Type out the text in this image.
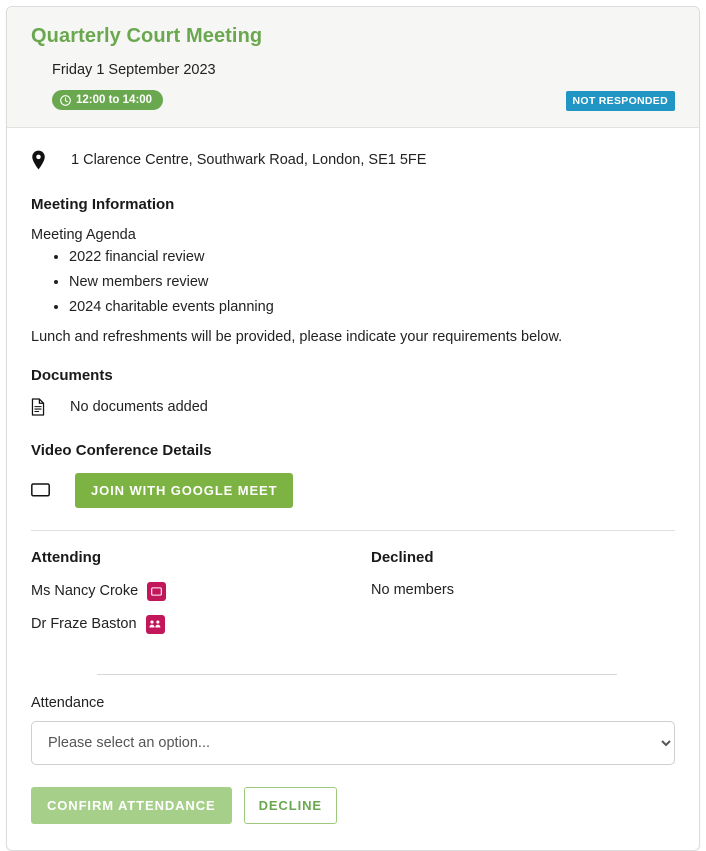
Quarterly Court Meeting
Friday 1 September 2023
12:00 to 14:00	NOT RESPONDED
1 Clarence Centre, Southwark Road, London, SE1 5FE
Meeting Information

Meeting Agenda

• 2022 financial review
• New members review
• 2024 charitable events planning

Lunch and refreshments will be provided, please indicate your requirements below.

Documents
No documents added
Video Conference Details
JOIN WITH GOOGLE MEET
Attending
Ms Nancy Croke
Dr Fraze Baston
Declined
No members
Attendance
Please select an option...
CONFIRM ATTENDANCE	DECLINE
